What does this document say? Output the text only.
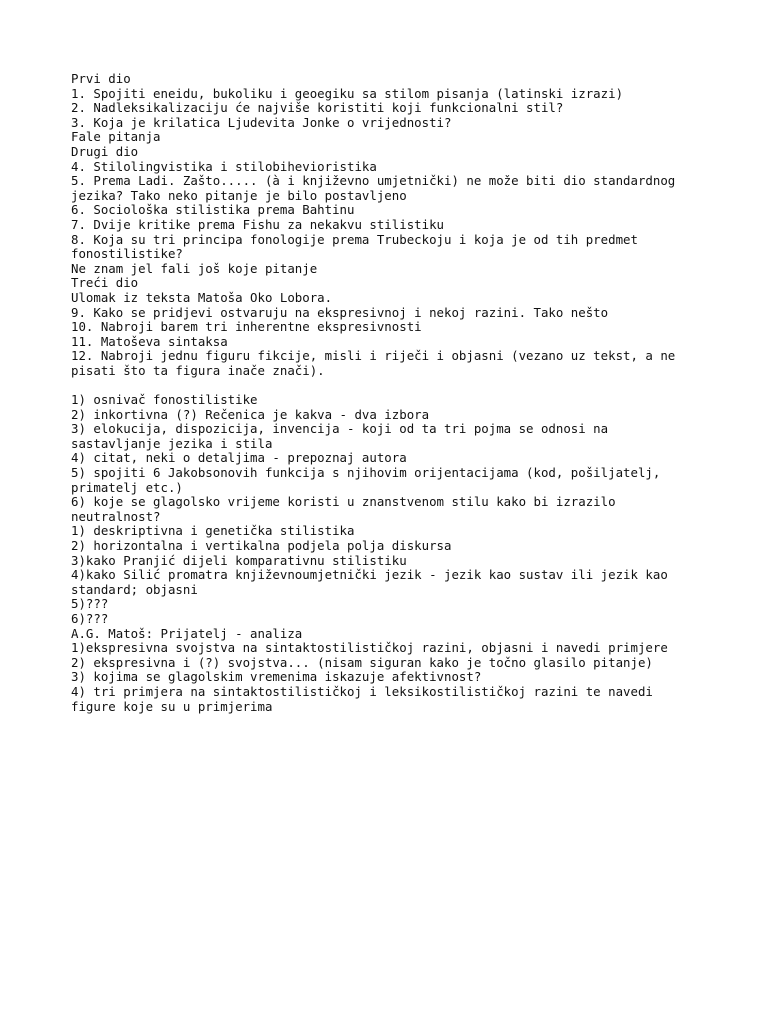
Prvi dio
1. Spojiti eneidu, bukoliku i geoegiku sa stilom pisanja (latinski izrazi)
2. Nadleksikalizaciju će najviše koristiti koji funkcionalni stil?
3. Koja je krilatica Ljudevita Jonke o vrijednosti?
Fale pitanja
Drugi dio
4. Stilolingvistika i stilobihevioristika
5. Prema Ladi. Zašto..... (à i književno umjetnički) ne može biti dio standardnog
jezika? Tako neko pitanje je bilo postavljeno
6. Sociološka stilistika prema Bahtinu
7. Dvije kritike prema Fishu za nekakvu stilistiku
8. Koja su tri principa fonologije prema Trubeckoju i koja je od tih predmet
fonostilistike?
Ne znam jel fali još koje pitanje
Treći dio
Ulomak iz teksta Matoša Oko Lobora.
9. Kako se pridjevi ostvaruju na ekspresivnoj i nekoj razini. Tako nešto
10. Nabroji barem tri inherentne ekspresivnosti
11. Matoševa sintaksa
12. Nabroji jednu figuru fikcije, misli i riječi i objasni (vezano uz tekst, a ne
pisati što ta figura inače znači).
1) osnivač fonostilistike
2) inkortivna (?) Rečenica je kakva - dva izbora
3) elokucija, dispozicija, invencija - koji od ta tri pojma se odnosi na
sastavljanje jezika i stila
4) citat, neki o detaljima - prepoznaj autora
5) spojiti 6 Jakobsonovih funkcija s njihovim orijentacijama (kod, pošiljatelj,
primatelj etc.)
6) koje se glagolsko vrijeme koristi u znanstvenom stilu kako bi izrazilo
neutralnost?
1) deskriptivna i genetička stilistika
2) horizontalna i vertikalna podjela polja diskursa
3)kako Pranjić dijeli komparativnu stilistiku
4)kako Silić promatra književnoumjetnički jezik - jezik kao sustav ili jezik kao
standard; objasni
5)???
6)???
A.G. Matoš: Prijatelj - analiza
1)ekspresivna svojstva na sintaktostilističkoj razini, objasni i navedi primjere
2) ekspresivna i (?) svojstva... (nisam siguran kako je točno glasilo pitanje)
3) kojima se glagolskim vremenima iskazuje afektivnost?
4) tri primjera na sintaktostilističkoj i leksikostilističkoj razini te navedi
figure koje su u primjerima
